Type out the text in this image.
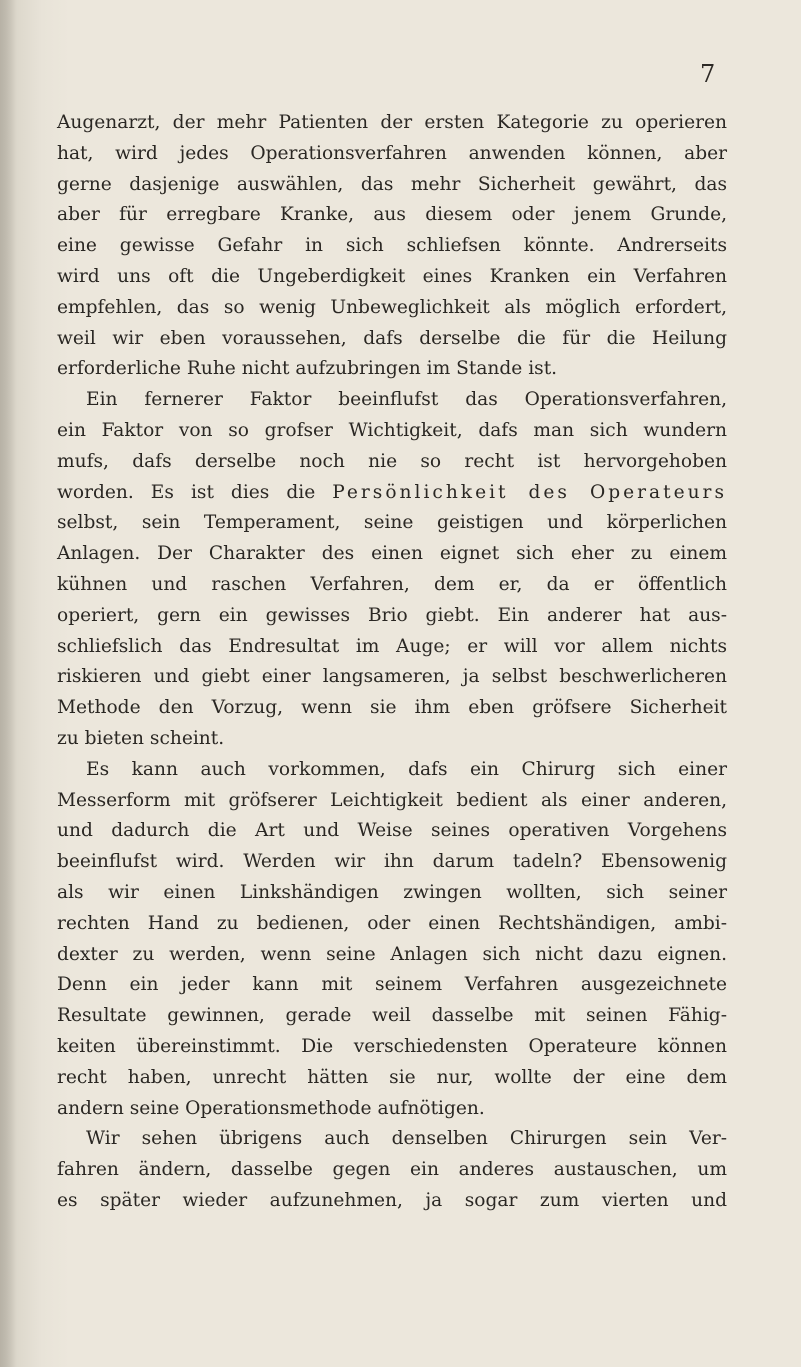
7
Augenarzt, der mehr Patienten der ersten Kategorie zu operieren
hat, wird jedes Operationsverfahren anwenden können, aber
gerne dasjenige auswählen, das mehr Sicherheit gewährt, das
aber für erregbare Kranke, aus diesem oder jenem Grunde,
eine gewisse Gefahr in sich schliefsen könnte. Andrerseits
wird uns oft die Ungeberdigkeit eines Kranken ein Verfahren
empfehlen, das so wenig Unbeweglichkeit als möglich erfordert,
weil wir eben voraussehen, dafs derselbe die für die Heilung
erforderliche Ruhe nicht aufzubringen im Stande ist.
Ein fernerer Faktor beeinflufst das Operationsverfahren,
ein Faktor von so grofser Wichtigkeit, dafs man sich wundern
mufs, dafs derselbe noch nie so recht ist hervorgehoben
worden. Es ist dies die Persönlichkeit des Operateurs
selbst, sein Temperament, seine geistigen und körperlichen
Anlagen. Der Charakter des einen eignet sich eher zu einem
kühnen und raschen Verfahren, dem er, da er öffentlich
operiert, gern ein gewisses Brio giebt. Ein anderer hat aus-
schliefslich das Endresultat im Auge; er will vor allem nichts
riskieren und giebt einer langsameren, ja selbst beschwerlicheren
Methode den Vorzug, wenn sie ihm eben gröfsere Sicherheit
zu bieten scheint.
Es kann auch vorkommen, dafs ein Chirurg sich einer
Messerform mit gröfserer Leichtigkeit bedient als einer anderen,
und dadurch die Art und Weise seines operativen Vorgehens
beeinflufst wird. Werden wir ihn darum tadeln? Ebensowenig
als wir einen Linkshändigen zwingen wollten, sich seiner
rechten Hand zu bedienen, oder einen Rechtshändigen, ambi-
dexter zu werden, wenn seine Anlagen sich nicht dazu eignen.
Denn ein jeder kann mit seinem Verfahren ausgezeichnete
Resultate gewinnen, gerade weil dasselbe mit seinen Fähig-
keiten übereinstimmt. Die verschiedensten Operateure können
recht haben, unrecht hätten sie nur, wollte der eine dem
andern seine Operationsmethode aufnötigen.
Wir sehen übrigens auch denselben Chirurgen sein Ver-
fahren ändern, dasselbe gegen ein anderes austauschen, um
es später wieder aufzunehmen, ja sogar zum vierten und
